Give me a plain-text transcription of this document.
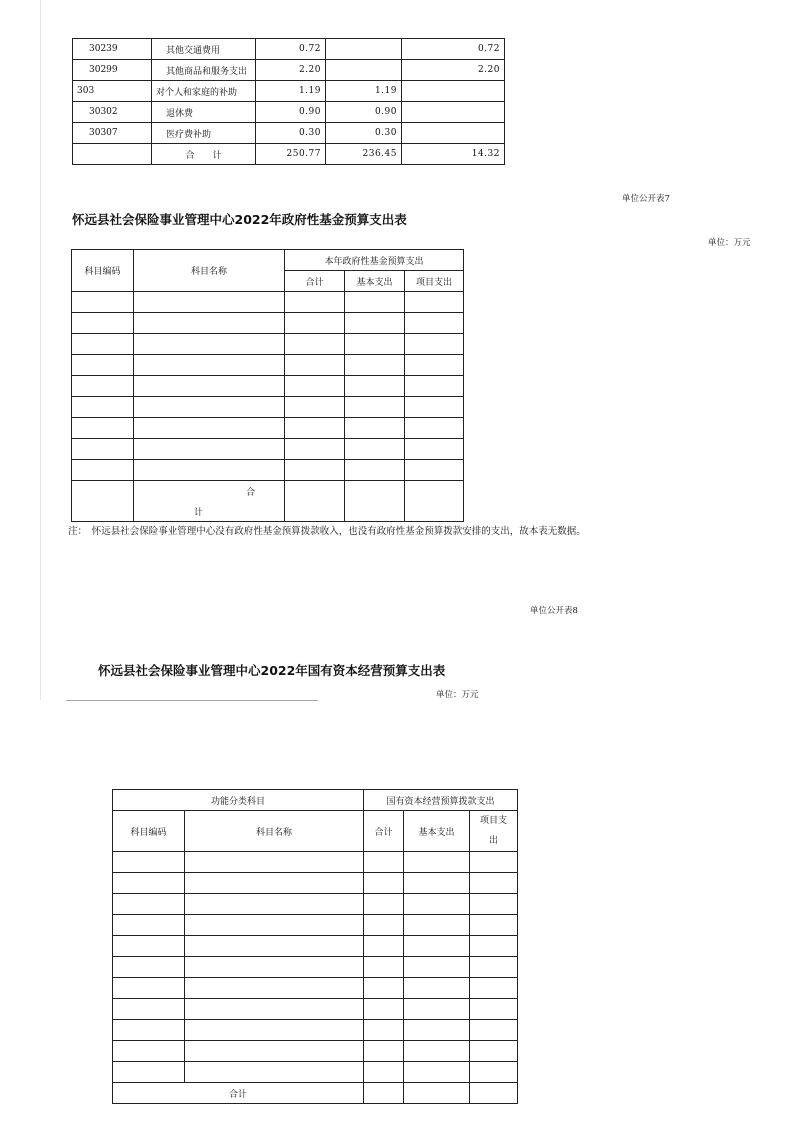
30239	其他交通费用	0.72		0.72
30299	其他商品和服务支出	2.20		2.20
303	对个人和家庭的补助	1.19	1.19	
30302	退休费	0.90	0.90	
30307	医疗费补助	0.30	0.30	
	合　　计	250.77	236.45	14.32
单位公开表7
怀远县社会保险事业管理中心2022年政府性基金预算支出表
单位：万元
科目编码	科目名称	本年政府性基金预算支出		
		合计	基本支出	项目支出

	合
计			

注：　怀远县社会保险事业管理中心没有政府性基金预算拨款收入，也没有政府性基金预算拨款安排的支出，故本表无数据。
单位公开表8
怀远县社会保险事业管理中心2022年国有资本经营预算支出表
单位：万元
功能分类科目		国有资本经营预算拨款支出		
科目编码	科目名称	合计	基本支出	项目支
出

合计				
